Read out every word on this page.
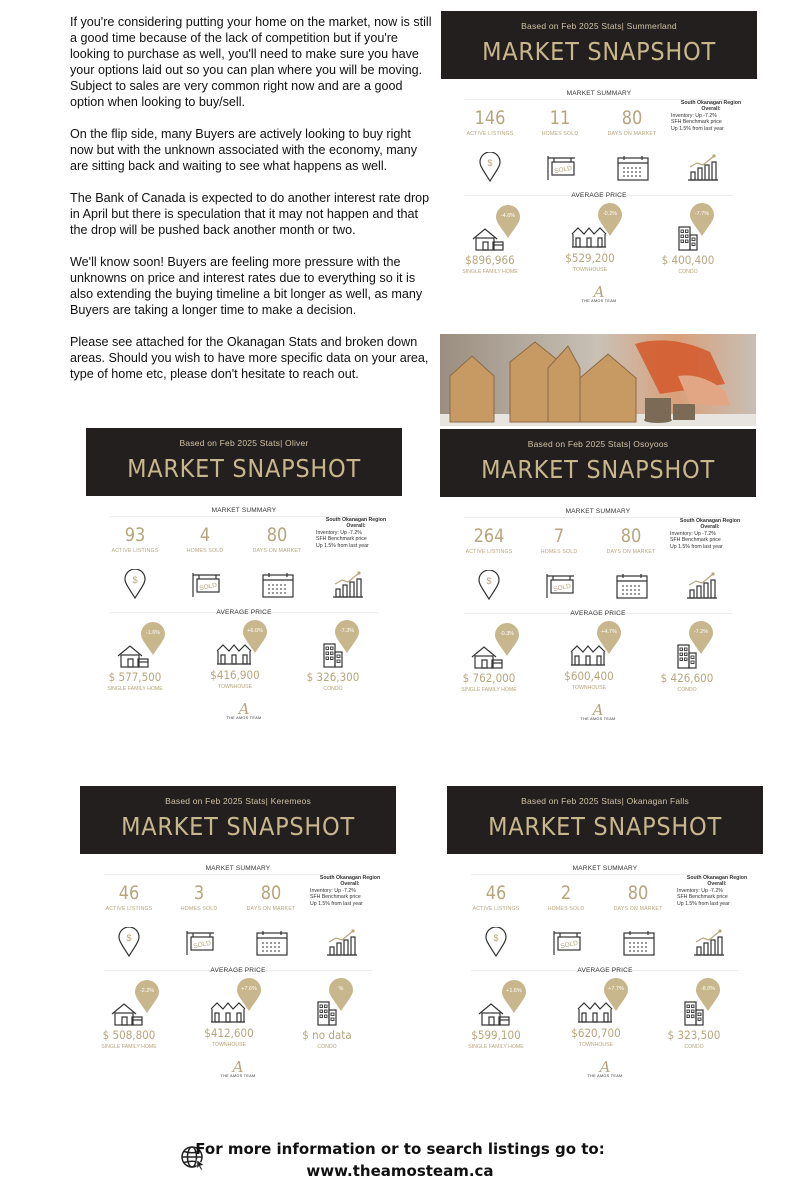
If you're considering putting your home on the market, now is still a good time because of the lack of competition but if you're looking to purchase as well, you'll need to make sure you have your options laid out so you can plan where you will be moving. Subject to sales are very common right now and are a good option when looking to buy/sell.

On the flip side, many Buyers are actively looking to buy right now but with the unknown associated with the economy, many are sitting back and waiting to see what happens as well.

The Bank of Canada is expected to do another interest rate drop in April but there is speculation that it may not happen and that the drop will be pushed back another month or two.

We'll know soon! Buyers are feeling more pressure with the unknowns on price and interest rates due to everything so it is also extending the buying timeline a bit longer as well, as many Buyers are taking a longer time to make a decision.

Please see attached for the Okanagan Stats and broken down areas. Should you wish to have more specific data on your area, type of home etc, please don't hesitate to reach out.

Based on Feb 2025 Stats| Summerland
MARKET SNAPSHOT
MARKET SUMMARY
146
ACTIVE LISTINGS
11
HOMES SOLD
80
DAYS ON MARKET
South Okanagan Region Overall:
Inventory: Up -7.2%
SFH Benchmark price
Up 1.5% from last year
$
SOLD
AVERAGE PRICE
-4.6%	-0.2%	-7.7%
$896,966
SINGLE FAMILY HOME
$529,200
TOWNHOUSE
$ 400,400
CONDO
A
THE AMOS TEAM
Based on Feb 2025 Stats| Oliver
MARKET SNAPSHOT
MARKET SUMMARY
93
ACTIVE LISTINGS
4
HOMES SOLD
80
DAYS ON MARKET
South Okanagan Region Overall:
Inventory: Up -7.2%
SFH Benchmark price
Up 1.5% from last year
$
SOLD
AVERAGE PRICE
-1.6%	+6.0%	-7.3%
$ 577,500
SINGLE FAMILY HOME
$416,900
TOWNHOUSE
$ 326,300
CONDO
A
THE AMOS TEAM
Based on Feb 2025 Stats| Osoyoos
MARKET SNAPSHOT
MARKET SUMMARY
264
ACTIVE LISTINGS
7
HOMES SOLD
80
DAYS ON MARKET
South Okanagan Region Overall:
Inventory: Up -7.2%
SFH Benchmark price
Up 1.5% from last year
$
SOLD
AVERAGE PRICE
-0.3%	+4.7%	-7.2%
$ 762,000
SINGLE FAMILY HOME
$600,400
TOWNHOUSE
$ 426,600
CONDO
A
THE AMOS TEAM
Based on Feb 2025 Stats| Keremeos
MARKET SNAPSHOT
MARKET SUMMARY
46
ACTIVE LISTINGS
3
HOMES SOLD
80
DAYS ON MARKET
South Okanagan Region Overall:
Inventory: Up -7.2%
SFH Benchmark price
Up 1.5% from last year
$
SOLD
AVERAGE PRICE
-2.2%	+7.6%	%
$ 508,800
SINGLE FAMILY HOME
$412,600
TOWNHOUSE
$ no data
CONDO
A
THE AMOS TEAM
Based on Feb 2025 Stats| Okanagan Falls
MARKET SNAPSHOT
MARKET SUMMARY
46
ACTIVE LISTINGS
2
HOMES SOLD
80
DAYS ON MARKET
South Okanagan Region Overall:
Inventory: Up -7.2%
SFH Benchmark price
Up 1.5% from last year
$
SOLD
AVERAGE PRICE
+1.6%	+7.7%	-8.0%
$599,100
SINGLE FAMILY HOME
$620,700
TOWNHOUSE
$ 323,500
CONDO
A
THE AMOS TEAM
For more information or to search listings go to:
www.theamosteam.ca
